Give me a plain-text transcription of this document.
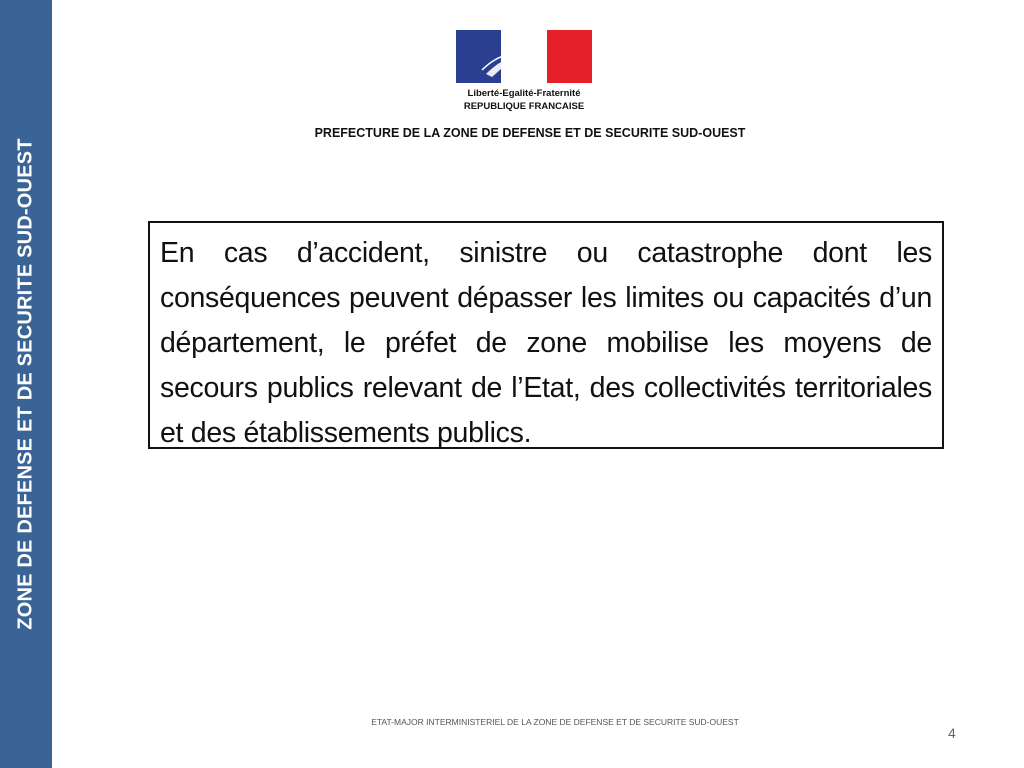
ZONE DE DEFENSE ET DE SECURITE SUD-OUEST
Liberté-Egalité-Fraternité
REPUBLIQUE FRANCAISE
PREFECTURE DE LA ZONE DE DEFENSE ET DE SECURITE SUD-OUEST

En cas d’accident, sinistre ou catastrophe dont les conséquences peuvent dépasser les limites ou capacités d’un département, le préfet de zone mobilise les moyens de secours publics relevant de l’Etat, des collectivités territoriales et des établissements publics.

ETAT-MAJOR INTERMINISTERIEL DE LA ZONE DE DEFENSE ET DE SECURITE SUD-OUEST
4
